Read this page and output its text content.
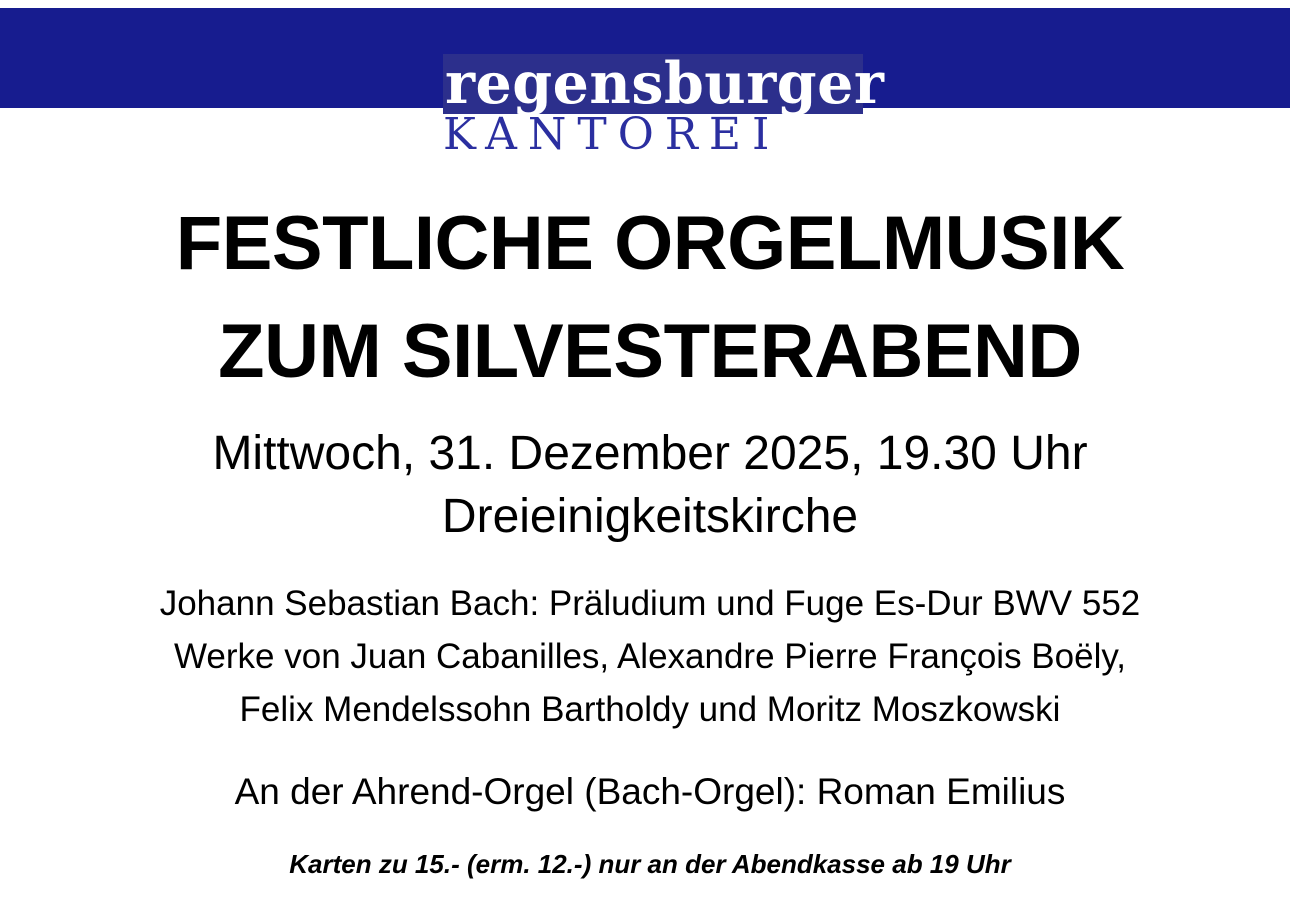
regensburger
KANTOREI
FESTLICHE ORGELMUSIK
ZUM SILVESTERABEND
Mittwoch, 31. Dezember 2025, 19.30 Uhr
Dreieinigkeitskirche
Johann Sebastian Bach: Präludium und Fuge Es-Dur BWV 552
Werke von Juan Cabanilles, Alexandre Pierre François Boëly,
Felix Mendelssohn Bartholdy und Moritz Moszkowski
An der Ahrend-Orgel (Bach-Orgel): Roman Emilius
Karten zu 15.- (erm. 12.-) nur an der Abendkasse ab 19 Uhr
